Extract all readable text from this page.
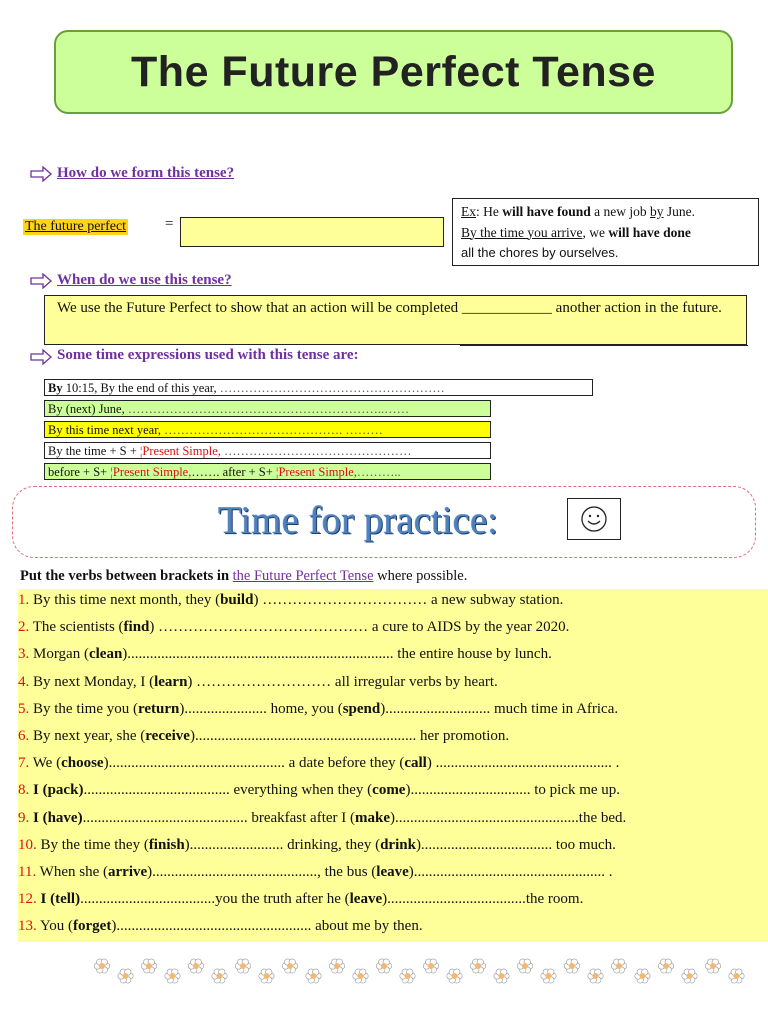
The Future Perfect Tense
How do we form this tense?
The future perfect	=
Ex: He will have found a new job by June.
By the time you arrive, we will have done
all the chores by ourselves.
When do we use this tense?
We use the Future Perfect to show that an action will be completed ____________ another action in the future.
Some time expressions used with this tense are:
By 10:15, By the end of this year, ………………………………………………
By (next) June, ……………………………………………………..……
By this time next year, ……………………………………. ………
By the time + S + ¦Present Simple, ………………………………………
before + S+ ¦Present Simple,……. after + S+ ¦Present Simple,………..
Time for practice:
Put the verbs between brackets in the Future Perfect Tense where possible.
1. By this time next month, they (build) …………………………… a new subway station.
2. The scientists (find) …………………………………… a cure to AIDS by the year 2020.
3. Morgan (clean)....................................................................... the entire house by lunch.
4. By next Monday, I (learn) ……………………… all irregular verbs by heart.
5. By the time you (return)...................... home, you (spend)............................ much time in Africa.
6. By next year, she (receive)........................................................... her promotion.
7. We (choose)............................................... a date before they (call) ............................................... .
8. I (pack)....................................... everything when they (come)................................ to pick me up.
9. I (have)............................................ breakfast after I (make).................................................the bed.
10. By the time they (finish)......................... drinking, they (drink)................................... too much.
11. When she (arrive)............................................, the bus (leave)................................................... .
12. I (tell)....................................you the truth after he (leave).....................................the room.
13. You (forget).................................................... about me by then.
